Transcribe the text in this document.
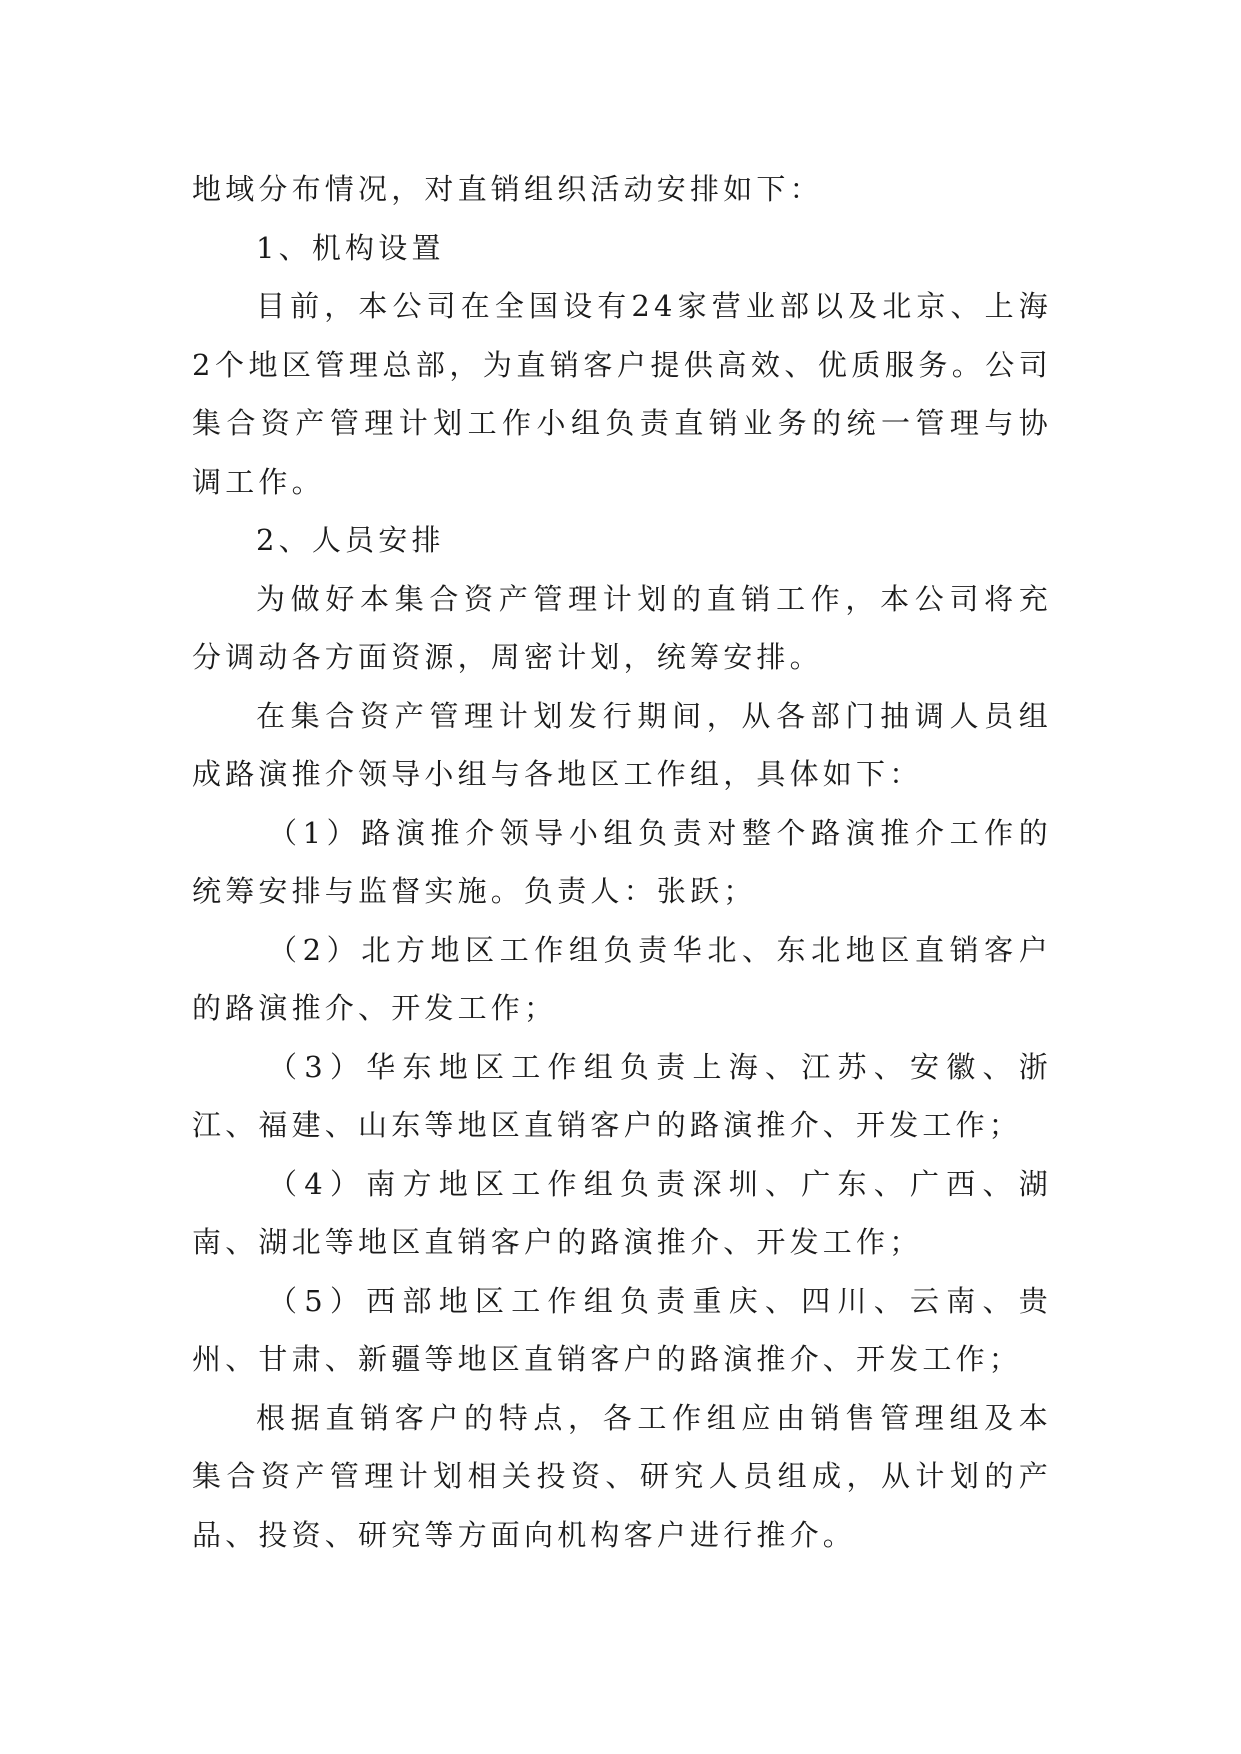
地域分布情况，对直销组织活动安排如下：

1、机构设置

目前，本公司在全国设有24家营业部以及北京、上海2个地区管理总部，为直销客户提供高效、优质服务。公司集合资产管理计划工作小组负责直销业务的统一管理与协调工作。

2、人员安排

为做好本集合资产管理计划的直销工作，本公司将充分调动各方面资源，周密计划，统筹安排。

在集合资产管理计划发行期间，从各部门抽调人员组成路演推介领导小组与各地区工作组，具体如下：

（1）路演推介领导小组负责对整个路演推介工作的统筹安排与监督实施。负责人：张跃；

（2）北方地区工作组负责华北、东北地区直销客户的路演推介、开发工作；

（3）华东地区工作组负责上海、江苏、安徽、浙江、福建、山东等地区直销客户的路演推介、开发工作；

（4）南方地区工作组负责深圳、广东、广西、湖南、湖北等地区直销客户的路演推介、开发工作；

（5）西部地区工作组负责重庆、四川、云南、贵州、甘肃、新疆等地区直销客户的路演推介、开发工作；

根据直销客户的特点，各工作组应由销售管理组及本集合资产管理计划相关投资、研究人员组成，从计划的产品、投资、研究等方面向机构客户进行推介。
